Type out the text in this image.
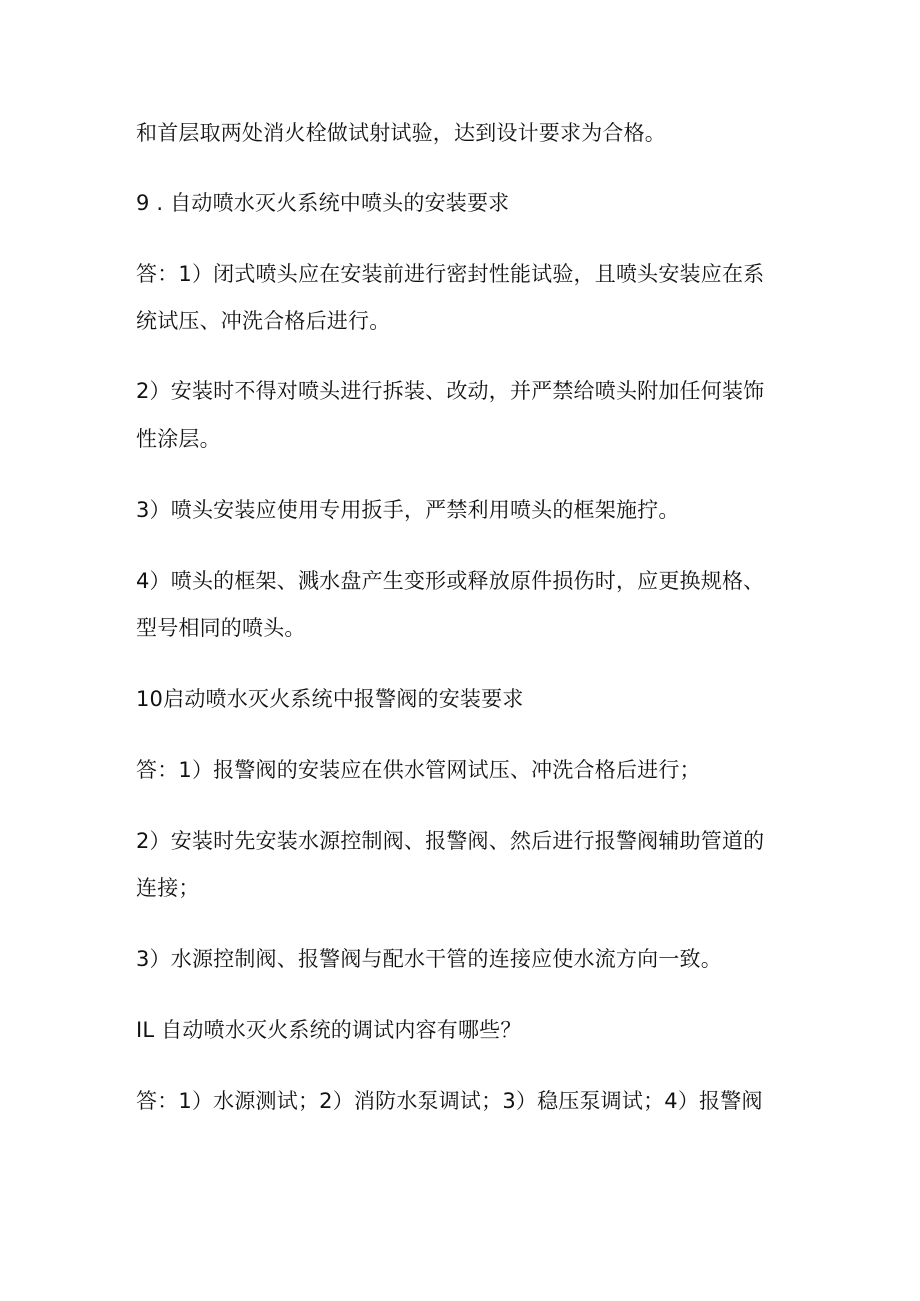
和首层取两处消火栓做试射试验，达到设计要求为合格。
9 . 自动喷水灭火系统中喷头的安装要求
答：1）闭式喷头应在安装前进行密封性能试验，且喷头安装应在系
统试压、冲洗合格后进行。
2）安装时不得对喷头进行拆装、改动，并严禁给喷头附加任何装饰
性涂层。
3）喷头安装应使用专用扳手，严禁利用喷头的框架施拧。
4）喷头的框架、溅水盘产生变形或释放原件损伤时，应更换规格、
型号相同的喷头。
10启动喷水灭火系统中报警阀的安装要求
答：1）报警阀的安装应在供水管网试压、冲洗合格后进行；
2）安装时先安装水源控制阀、报警阀、然后进行报警阀辅助管道的
连接；
3）水源控制阀、报警阀与配水干管的连接应使水流方向一致。
IL 自动喷水灭火系统的调试内容有哪些？
答：1）水源测试；2）消防水泵调试；3）稳压泵调试；4）报警阀
